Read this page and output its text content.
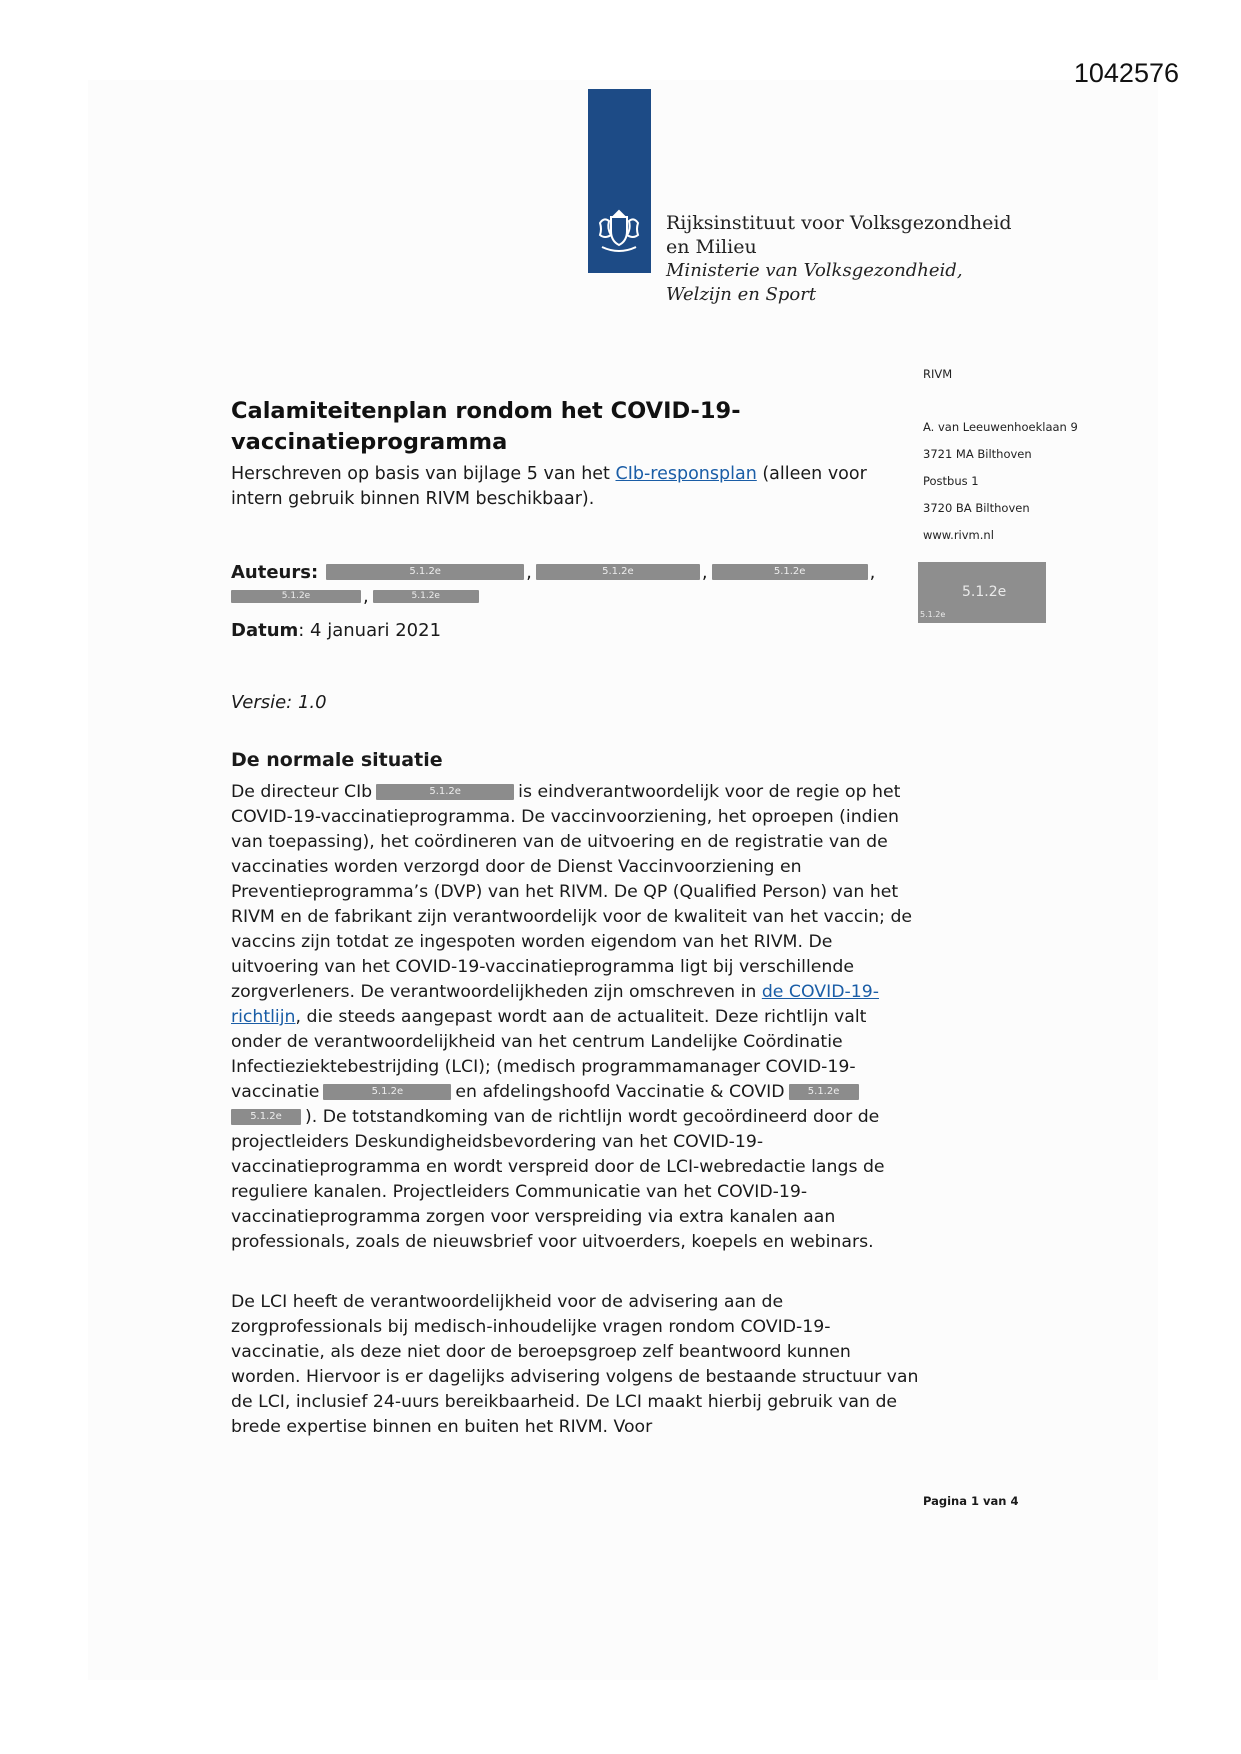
1042576
Rijksinstituut voor Volksgezondheid
en Milieu
Ministerie van Volksgezondheid,
Welzijn en Sport
RIVM
A. van Leeuwenhoeklaan 9
3721 MA Bilthoven
Postbus 1
3720 BA Bilthoven
www.rivm.nl
5.1.2e
5.1.2e
Calamiteitenplan rondom het COVID-19-vaccinatieprogramma

Herschreven op basis van bijlage 5 van het CIb-responsplan (alleen voor intern gebruik binnen RIVM beschikbaar).

Auteurs:	5.1.2e	,	5.1.2e	,	5.1.2e	,
5.1.2e	,	5.1.2e
Datum: 4 januari 2021
Versie: 1.0
De normale situatie

De directeur CIb	5.1.2e	is eindverantwoordelijk voor de regie op het COVID-19-vaccinatieprogramma. De vaccinvoorziening, het oproepen (indien van toepassing), het coördineren van de uitvoering en de registratie van de vaccinaties worden verzorgd door de Dienst Vaccinvoorziening en Preventieprogramma’s (DVP) van het RIVM. De QP (Qualified Person) van het RIVM en de fabrikant zijn verantwoordelijk voor de kwaliteit van het vaccin; de vaccins zijn totdat ze ingespoten worden eigendom van het RIVM. De uitvoering van het COVID-19-vaccinatieprogramma ligt bij verschillende zorgverleners. De verantwoordelijkheden zijn omschreven in de COVID-19-richtlijn, die steeds aangepast wordt aan de actualiteit. Deze richtlijn valt onder de verantwoordelijkheid van het centrum Landelijke Coördinatie Infectieziektebestrijding (LCI); (medisch programmamanager COVID-19-vaccinatie	5.1.2e	en afdelingshoofd Vaccinatie & COVID 5.1.2e 5.1.2e ). De totstandkoming van de richtlijn wordt gecoördineerd door de projectleiders Deskundigheidsbevordering van het COVID-19-vaccinatieprogramma en wordt verspreid door de LCI-webredactie langs de reguliere kanalen. Projectleiders Communicatie van het COVID-19-vaccinatieprogramma zorgen voor verspreiding via extra kanalen aan professionals, zoals de nieuwsbrief voor uitvoerders, koepels en webinars.

De LCI heeft de verantwoordelijkheid voor de advisering aan de zorgprofessionals bij medisch-inhoudelijke vragen rondom COVID-19-vaccinatie, als deze niet door de beroepsgroep zelf beantwoord kunnen worden. Hiervoor is er dagelijks advisering volgens de bestaande structuur van de LCI, inclusief 24-uurs bereikbaarheid. De LCI maakt hierbij gebruik van de brede expertise binnen en buiten het RIVM. Voor

Pagina 1 van 4
